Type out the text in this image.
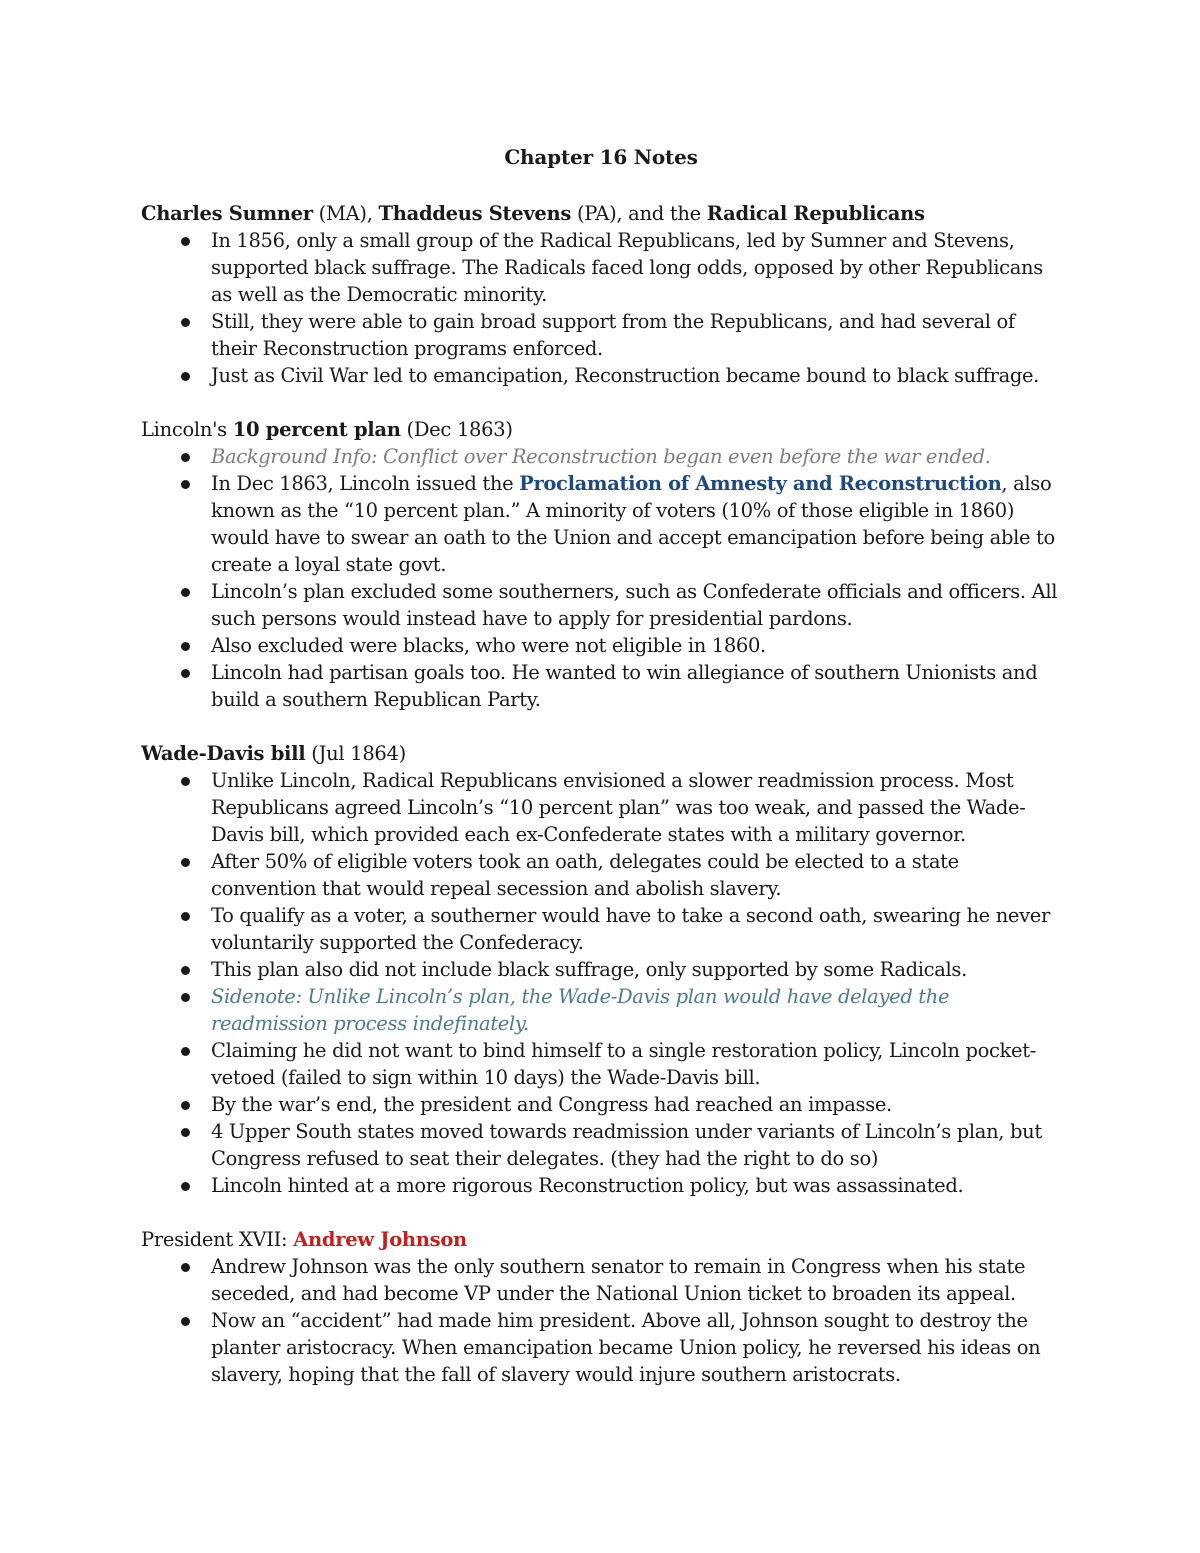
Chapter 16 Notes

Charles Sumner (MA), Thaddeus Stevens (PA), and the Radical Republicans

In 1856, only a small group of the Radical Republicans, led by Sumner and Stevens, supported black suffrage. The Radicals faced long odds, opposed by other Republicans as well as the Democratic minority.
Still, they were able to gain broad support from the Republicans, and had several of their Reconstruction programs enforced.
Just as Civil War led to emancipation, Reconstruction became bound to black suffrage.

Lincoln's 10 percent plan (Dec 1863)

Background Info: Conflict over Reconstruction began even before the war ended.
In Dec 1863, Lincoln issued the Proclamation of Amnesty and Reconstruction, also known as the “10 percent plan.” A minority of voters (10% of those eligible in 1860) would have to swear an oath to the Union and accept emancipation before being able to create a loyal state govt.
Lincoln’s plan excluded some southerners, such as Confederate officials and officers. All such persons would instead have to apply for presidential pardons.
Also excluded were blacks, who were not eligible in 1860.
Lincoln had partisan goals too. He wanted to win allegiance of southern Unionists and build a southern Republican Party.

Wade-Davis bill (Jul 1864)

Unlike Lincoln, Radical Republicans envisioned a slower readmission process. Most Republicans agreed Lincoln’s “10 percent plan” was too weak, and passed the Wade-Davis bill, which provided each ex-Confederate states with a military governor.
After 50% of eligible voters took an oath, delegates could be elected to a state convention that would repeal secession and abolish slavery.
To qualify as a voter, a southerner would have to take a second oath, swearing he never voluntarily supported the Confederacy.
This plan also did not include black suffrage, only supported by some Radicals.
Sidenote: Unlike Lincoln’s plan, the Wade-Davis plan would have delayed the readmission process indefinately.
Claiming he did not want to bind himself to a single restoration policy, Lincoln pocket-vetoed (failed to sign within 10 days) the Wade-Davis bill.
By the war’s end, the president and Congress had reached an impasse.
4 Upper South states moved towards readmission under variants of Lincoln’s plan, but Congress refused to seat their delegates. (they had the right to do so)
Lincoln hinted at a more rigorous Reconstruction policy, but was assassinated.

President XVII: Andrew Johnson

Andrew Johnson was the only southern senator to remain in Congress when his state seceded, and had become VP under the National Union ticket to broaden its appeal.
Now an “accident” had made him president. Above all, Johnson sought to destroy the planter aristocracy. When emancipation became Union policy, he reversed his ideas on slavery, hoping that the fall of slavery would injure southern aristocrats.
